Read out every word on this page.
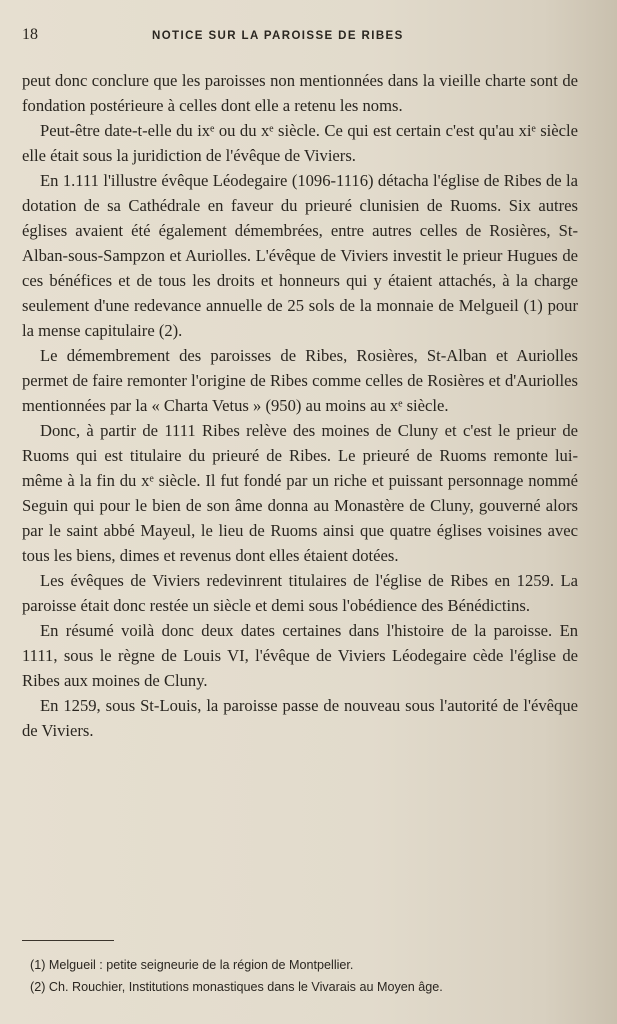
18	NOTICE SUR LA PAROISSE DE RIBES

peut donc conclure que les paroisses non mentionnées dans la vieille charte sont de fondation postérieure à celles dont elle a retenu les noms.

Peut-être date-t-elle du ixᵉ ou du xᵉ siècle. Ce qui est certain c'est qu'au xiᵉ siècle elle était sous la juridiction de l'évêque de Viviers.

En 1.111 l'illustre évêque Léodegaire (1096-1116) détacha l'église de Ribes de la dotation de sa Cathédrale en faveur du prieuré clunisien de Ruoms. Six autres églises avaient été également démembrées, entre autres celles de Rosières, St-Alban-sous-Sampzon et Auriolles. L'évêque de Viviers investit le prieur Hugues de ces bénéfices et de tous les droits et honneurs qui y étaient attachés, à la charge seulement d'une redevance annuelle de 25 sols de la monnaie de Melgueil (1) pour la mense capitulaire (2).

Le démembrement des paroisses de Ribes, Rosières, St-Alban et Auriolles permet de faire remonter l'origine de Ribes comme celles de Rosières et d'Auriolles mentionnées par la « Charta Vetus » (950) au moins au xᵉ siècle.

Donc, à partir de 1111 Ribes relève des moines de Cluny et c'est le prieur de Ruoms qui est titulaire du prieuré de Ribes. Le prieuré de Ruoms remonte lui-même à la fin du xᵉ siècle. Il fut fondé par un riche et puissant personnage nommé Seguin qui pour le bien de son âme donna au Monastère de Cluny, gouverné alors par le saint abbé Mayeul, le lieu de Ruoms ainsi que quatre églises voisines avec tous les biens, dimes et revenus dont elles étaient dotées.

Les évêques de Viviers redevinrent titulaires de l'église de Ribes en 1259. La paroisse était donc restée un siècle et demi sous l'obédience des Bénédictins.

En résumé voilà donc deux dates certaines dans l'histoire de la paroisse. En 1111, sous le règne de Louis VI, l'évêque de Viviers Léodegaire cède l'église de Ribes aux moines de Cluny.

En 1259, sous St-Louis, la paroisse passe de nouveau sous l'autorité de l'évêque de Viviers.

(1) Melgueil : petite seigneurie de la région de Montpellier.

(2) Ch. Rouchier, Institutions monastiques dans le Vivarais au Moyen âge.
